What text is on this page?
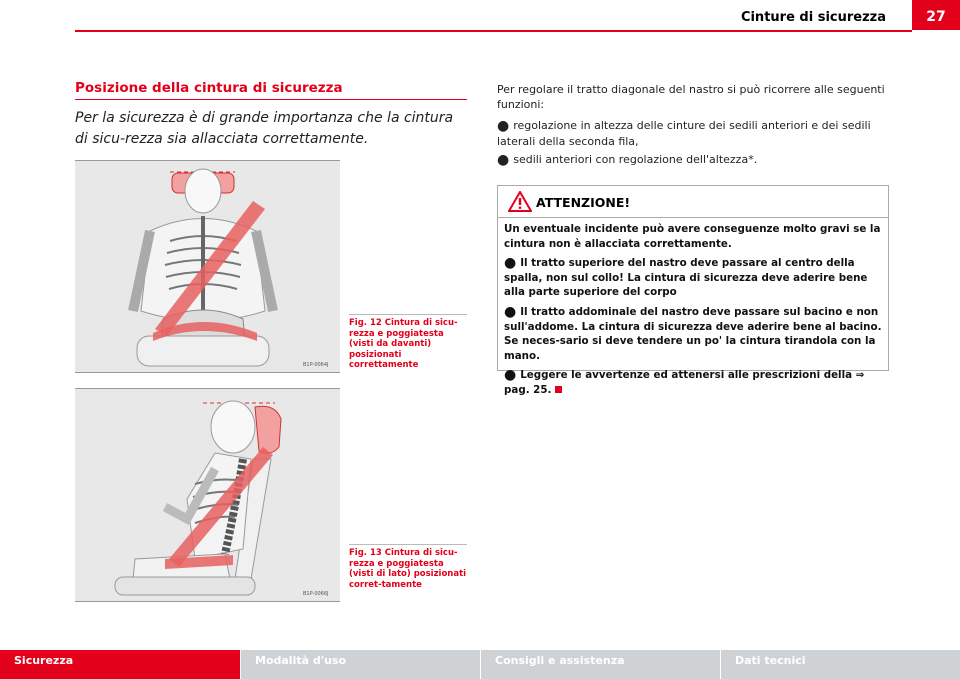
Cinture di sicurezza	27
Posizione della cintura di sicurezza
Per la sicurezza è di grande importanza che la cintura di sicu-rezza sia allacciata correttamente.
B1P-0064J
Fig. 12 Cintura di sicu-rezza e poggiatesta (visti da davanti) posizionati correttamente
B1P-0066J
Fig. 13 Cintura di sicu-rezza e poggiatesta (visti di lato) posizionati corret-tamente
Per regolare il tratto diagonale del nastro si può ricorrere alle seguenti funzioni:
● regolazione in altezza delle cinture dei sedili anteriori e dei sedili laterali della seconda fila,
● sedili anteriori con regolazione dell'altezza*.
ATTENZIONE!

Un eventuale incidente può avere conseguenze molto gravi se la cintura non è allacciata correttamente.

● Il tratto superiore del nastro deve passare al centro della spalla, non sul collo! La cintura di sicurezza deve aderire bene alla parte superiore del corpo

● Il tratto addominale del nastro deve passare sul bacino e non sull'addome. La cintura di sicurezza deve aderire bene al bacino. Se neces-sario si deve tendere un po' la cintura tirandola con la mano.

● Leggere le avvertenze ed attenersi alle prescrizioni della ⇒ pag. 25.

Sicurezza	Modalità d'uso	Consigli e assistenza	Dati tecnici
